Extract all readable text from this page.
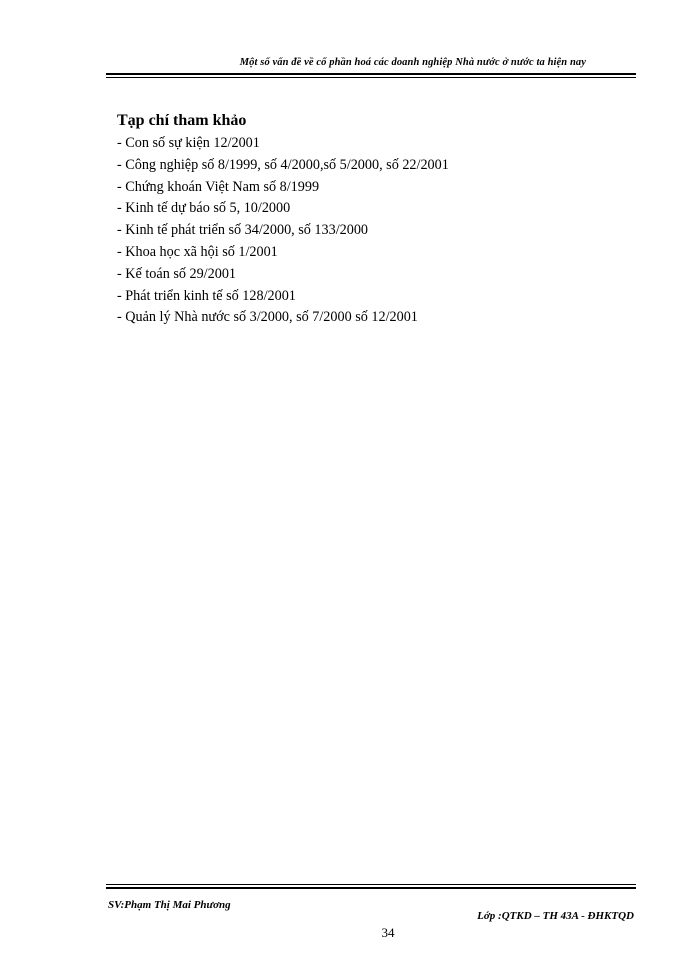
Một số vấn đề về cổ phần hoá các doanh nghiệp Nhà nước ở nước ta hiện nay
Tạp chí tham khảo
- Con số sự kiện 12/2001
- Công nghiệp số 8/1999, số 4/2000,số 5/2000, số 22/2001
- Chứng khoán Việt Nam số 8/1999
- Kinh tế dự báo số 5, 10/2000
- Kinh tế phát triển số 34/2000, số 133/2000
- Khoa học xã hội số 1/2001
- Kế toán số 29/2001
- Phát triển kinh tế số 128/2001
- Quản lý Nhà nước số 3/2000, số 7/2000 số 12/2001
SV:Phạm Thị Mai Phương
Lớp :QTKD – TH 43A - ĐHKTQD
34
